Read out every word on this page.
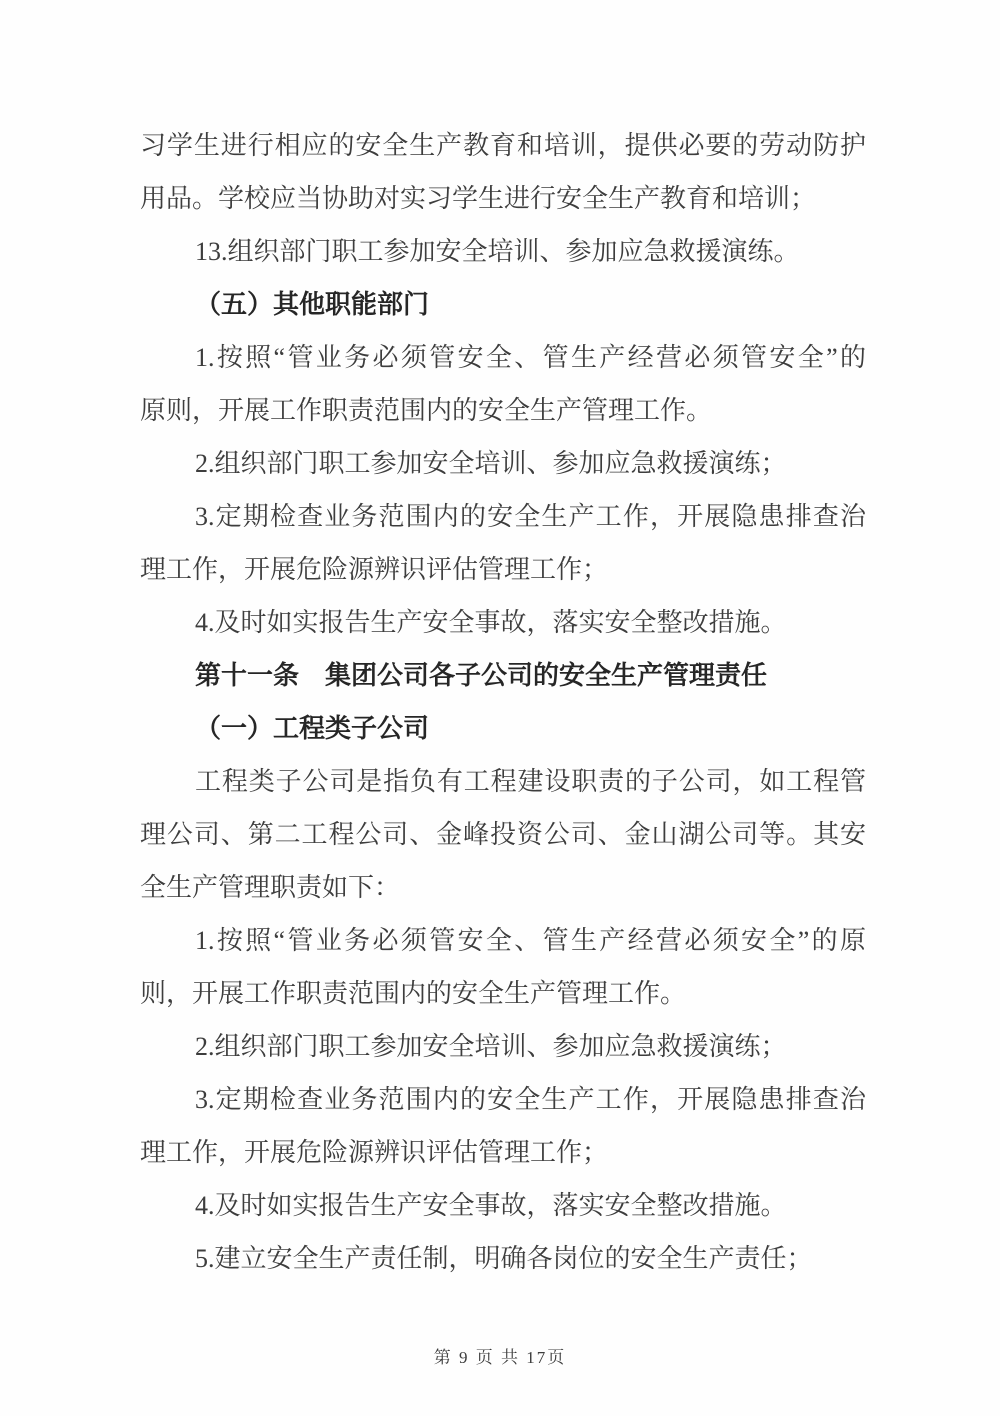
习学生进行相应的安全生产教育和培训，提供必要的劳动防护
用品。学校应当协助对实习学生进行安全生产教育和培训；
13.组织部门职工参加安全培训、参加应急救援演练。
（五）其他职能部门
1.按照“管业务必须管安全、管生产经营必须管安全”的
原则，开展工作职责范围内的安全生产管理工作。
2.组织部门职工参加安全培训、参加应急救援演练；
3.定期检查业务范围内的安全生产工作，开展隐患排查治
理工作，开展危险源辨识评估管理工作；
4.及时如实报告生产安全事故，落实安全整改措施。
第十一条　集团公司各子公司的安全生产管理责任
（一）工程类子公司
工程类子公司是指负有工程建设职责的子公司，如工程管
理公司、第二工程公司、金峰投资公司、金山湖公司等。其安
全生产管理职责如下：
1.按照“管业务必须管安全、管生产经营必须安全”的原
则，开展工作职责范围内的安全生产管理工作。
2.组织部门职工参加安全培训、参加应急救援演练；
3.定期检查业务范围内的安全生产工作，开展隐患排查治
理工作，开展危险源辨识评估管理工作；
4.及时如实报告生产安全事故，落实安全整改措施。
5.建立安全生产责任制，明确各岗位的安全生产责任；
第 9 页 共 17页
